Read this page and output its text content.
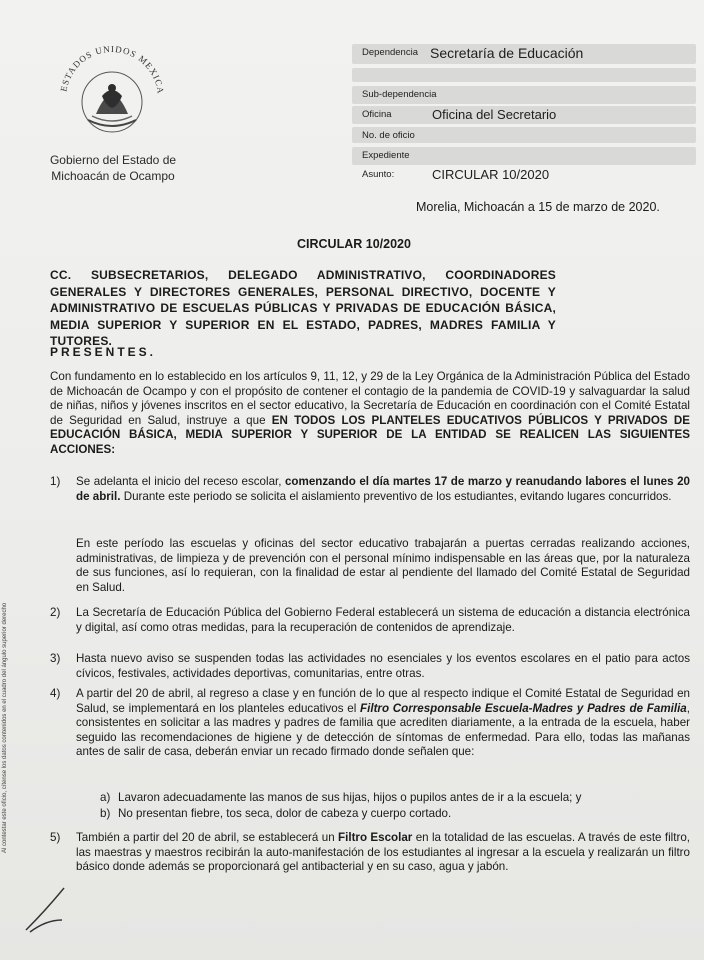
ESTADOS UNIDOS MEXICA
Gobierno del Estado de Michoacán de Ocampo
Dependencia Secretaría de Educación
Sub-dependencia
Oficina	Oficina del Secretario
No. de oficio
Expediente
Asunto:	CIRCULAR 10/2020
Morelia, Michoacán a 15 de marzo de 2020.
CIRCULAR 10/2020
CC. SUBSECRETARIOS, DELEGADO ADMINISTRATIVO, COORDINADORES GENERALES Y DIRECTORES GENERALES, PERSONAL DIRECTIVO, DOCENTE Y ADMINISTRATIVO DE ESCUELAS PÚBLICAS Y PRIVADAS DE EDUCACIÓN BÁSICA, MEDIA SUPERIOR Y SUPERIOR EN EL ESTADO, PADRES, MADRES FAMILIA Y TUTORES.
PRESENTES.
Con fundamento en lo establecido en los artículos 9, 11, 12, y 29 de la Ley Orgánica de la Administración Pública del Estado de Michoacán de Ocampo y con el propósito de contener el contagio de la pandemia de COVID-19 y salvaguardar la salud de niñas, niños y jóvenes inscritos en el sector educativo, la Secretaría de Educación en coordinación con el Comité Estatal de Seguridad en Salud, instruye a que EN TODOS LOS PLANTELES EDUCATIVOS PÚBLICOS Y PRIVADOS DE EDUCACIÓN BÁSICA, MEDIA SUPERIOR Y SUPERIOR DE LA ENTIDAD SE REALICEN LAS SIGUIENTES ACCIONES:
1)	Se adelanta el inicio del receso escolar, comenzando el día martes 17 de marzo y reanudando labores el lunes 20 de abril. Durante este periodo se solicita el aislamiento preventivo de los estudiantes, evitando lugares concurridos.
En este período las escuelas y oficinas del sector educativo trabajarán a puertas cerradas realizando acciones, administrativas, de limpieza y de prevención con el personal mínimo indispensable en las áreas que, por la naturaleza de sus funciones, así lo requieran, con la finalidad de estar al pendiente del llamado del Comité Estatal de Seguridad en Salud.
2)	La Secretaría de Educación Pública del Gobierno Federal establecerá un sistema de educación a distancia electrónica y digital, así como otras medidas, para la recuperación de contenidos de aprendizaje.
3)	Hasta nuevo aviso se suspenden todas las actividades no esenciales y los eventos escolares en el patio para actos cívicos, festivales, actividades deportivas, comunitarias, entre otras.
4)	A partir del 20 de abril, al regreso a clase y en función de lo que al respecto indique el Comité Estatal de Seguridad en Salud, se implementará en los planteles educativos el Filtro Corresponsable Escuela-Madres y Padres de Familia, consistentes en solicitar a las madres y padres de familia que acrediten diariamente, a la entrada de la escuela, haber seguido las recomendaciones de higiene y de detección de síntomas de enfermedad. Para ello, todas las mañanas antes de salir de casa, deberán enviar un recado firmado donde señalen que:
a) Lavaron adecuadamente las manos de sus hijas, hijos o pupilos antes de ir a la escuela; y
b) No presentan fiebre, tos seca, dolor de cabeza y cuerpo cortado.
5)	También a partir del 20 de abril, se establecerá un Filtro Escolar en la totalidad de las escuelas. A través de este filtro, las maestras y maestros recibirán la auto-manifestación de los estudiantes al ingresar a la escuela y realizarán un filtro básico donde además se proporcionará gel antibacterial y en su caso, agua y jabón.
Al contestar este oficio, cítense los datos contenidos en el cuadro del ángulo superior derecho
